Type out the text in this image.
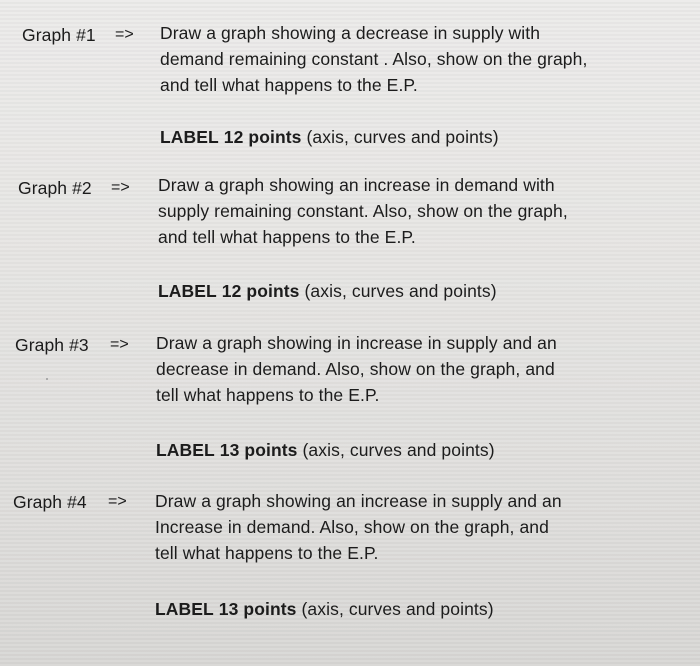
Graph #1 => Draw a graph showing a decrease in supply with
demand remaining constant . Also, show on the graph,
and tell what happens to the E.P.
LABEL 12 points (axis, curves and points)
Graph #2 => Draw a graph showing an increase in demand with
supply remaining constant. Also, show on the graph,
and tell what happens to the E.P.
LABEL 12 points (axis, curves and points)
Graph #3 => Draw a graph showing in increase in supply and an
decrease in demand. Also, show on the graph, and
tell what happens to the E.P.
LABEL 13 points (axis, curves and points)
Graph #4 => Draw a graph showing an increase in supply and an
Increase in demand. Also, show on the graph, and
tell what happens to the E.P.
LABEL 13 points (axis, curves and points)
